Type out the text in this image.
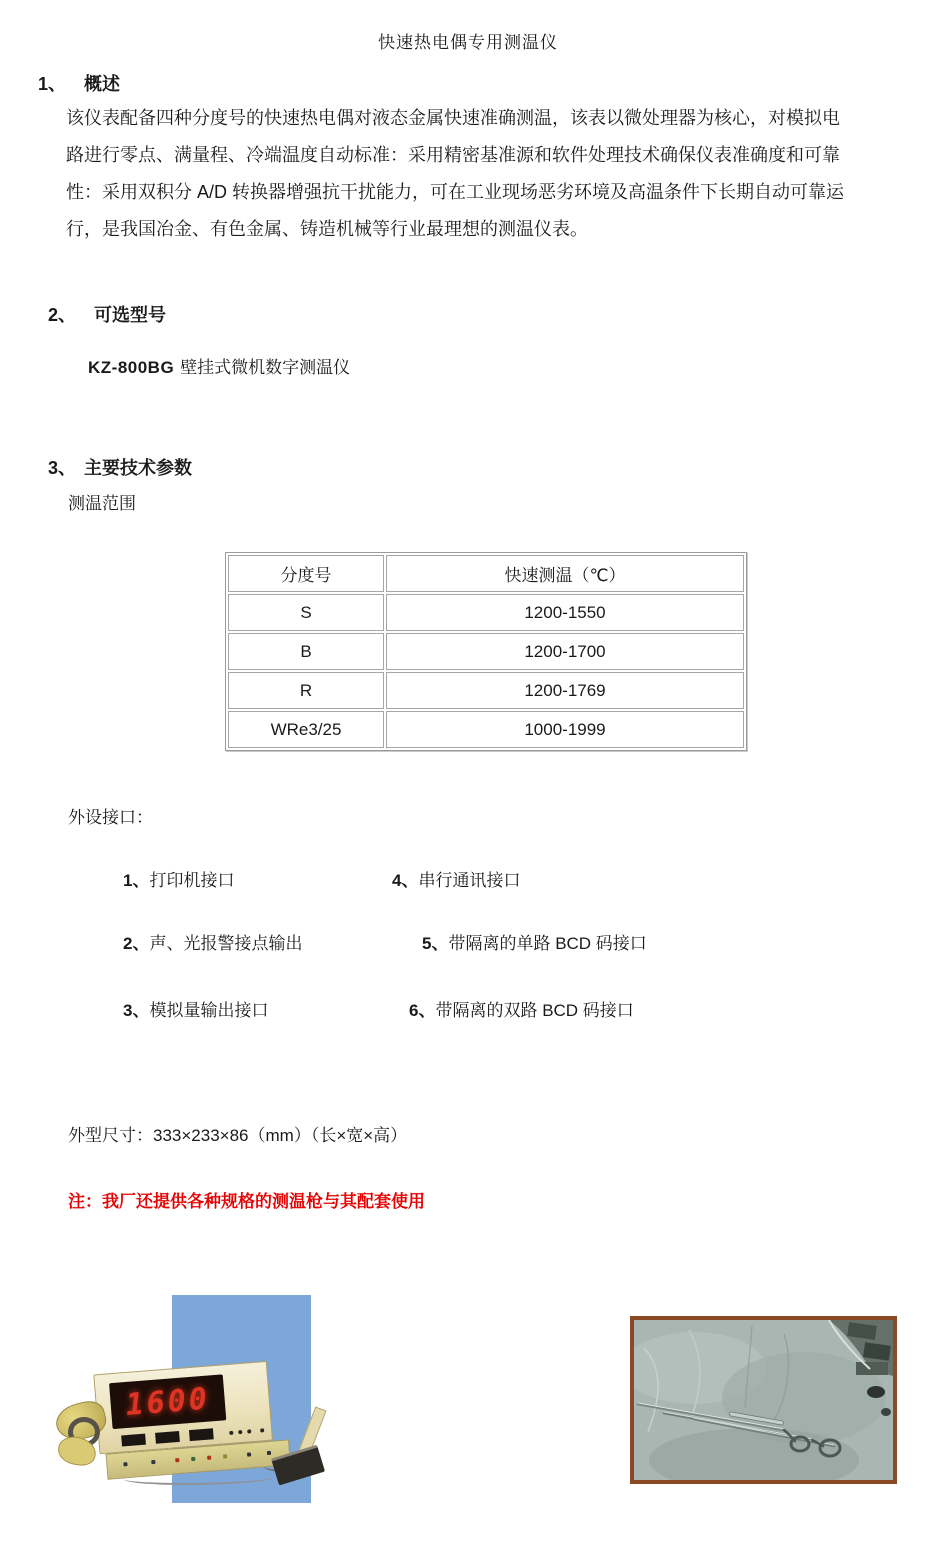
快速热电偶专用测温仪
1、 概述
该仪表配备四种分度号的快速热电偶对液态金属快速准确测温，该表以微处理器为核心，对模拟电
路进行零点、满量程、冷端温度自动标准：采用精密基准源和软件处理技术确保仪表准确度和可靠
性：采用双积分 A/D 转换器增强抗干扰能力，可在工业现场恶劣环境及高温条件下长期自动可靠运
行，是我国冶金、有色金属、铸造机械等行业最理想的测温仪表。
2、 可选型号
KZ-800BG 壁挂式微机数字测温仪
3、 主要技术参数
测温范围
分度号	快速测温（℃）
S	1200-1550
B	1200-1700
R	1200-1769
WRe3/25	1000-1999
外设接口：
1、打印机接口	4、串行通讯接口
2、声、光报警接点输出	5、带隔离的单路 BCD 码接口
3、模拟量输出接口	6、带隔离的双路 BCD 码接口
外型尺寸：333×233×86（mm）（长×宽×高）
注：我厂还提供各种规格的测温枪与其配套使用
1600
